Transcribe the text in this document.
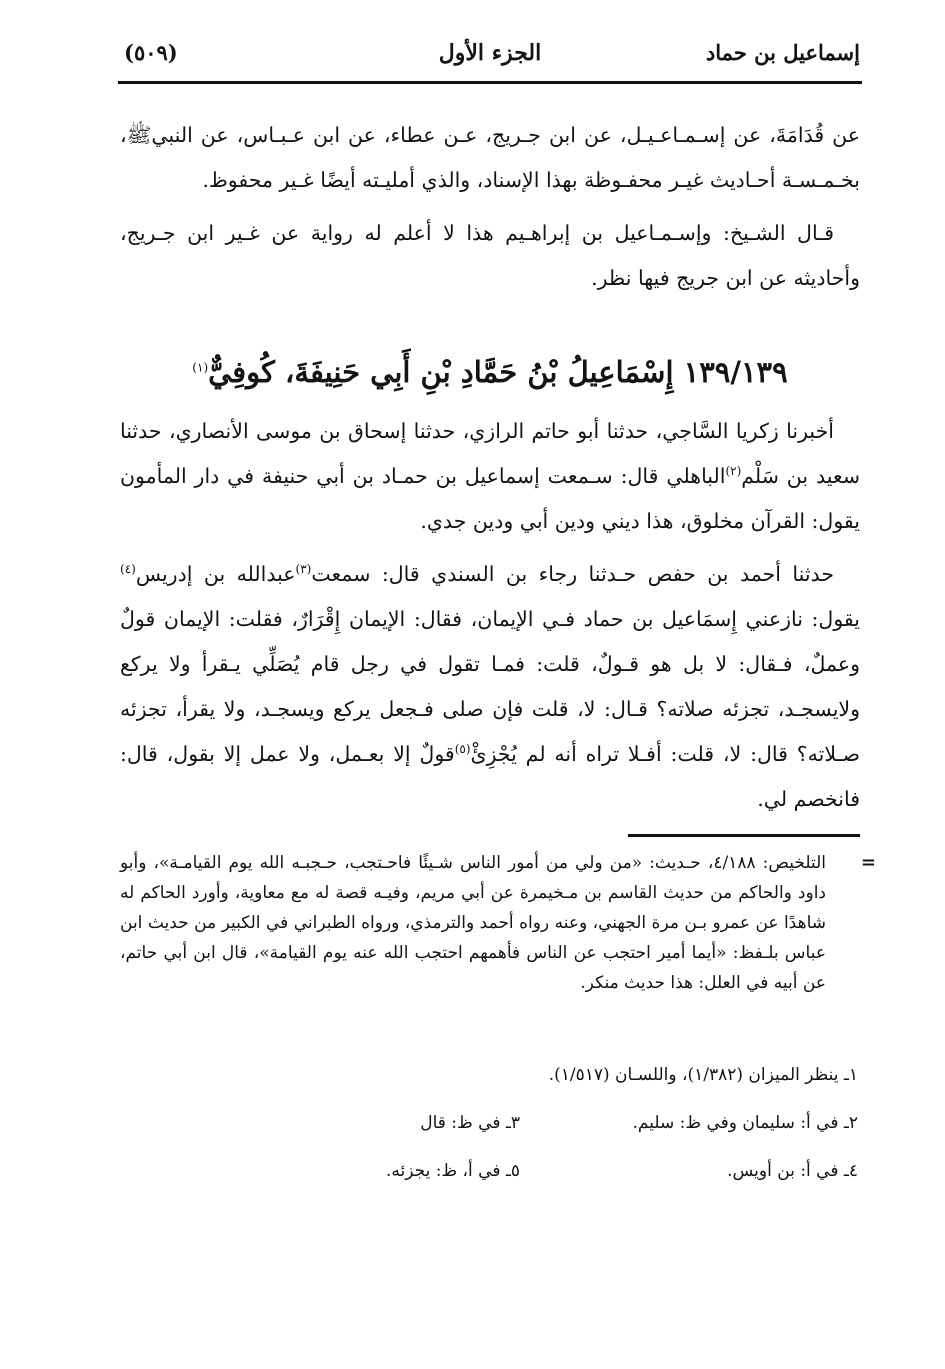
إسماعيل بن حماد
الجزء الأول
(٥٠٩)

عن قُدَامَةَ، عن إسـمـاعـيـل، عن ابن جـريج، عـن عطاء، عن ابن عـبـاس، عن النبيﷺ، بخـمـسـة أحـاديث غيـر محفـوظة بهذا الإسناد، والذي أمليـته أيضًا غـير محفوظ.

قـال الشـيخ: وإسـمـاعيل بن إبراهـيم هذا لا أعلم له رواية عن غـير ابن جـريج، وأحاديثه عن ابن جريج فيها نظر.

١٣٩/١٣٩ إِسْمَاعِيلُ بْنُ حَمَّادِ بْنِ أَبِي حَنِيفَةَ، كُوفِيٌّ$^{(١)}$

أخبرنا زكريا السَّاجي، حدثنا أبو حاتم الرازي، حدثنا إسحاق بن موسى الأنصاري، حدثنا سعيد بن سَلْم$^{(٢)}$الباهلي قال: سـمعت إسماعيل بن حمـاد بن أبي حنيفة في دار المأمون يقول: القرآن مخلوق، هذا ديني ودين أبي ودين جدي.

حدثنا أحمد بن حفص حـدثنا رجاء بن السندي قال: سمعت$^{(٣)}$عبدالله بن إدريس$^{(٤)}$ يقول: نازعني إِسمَاعيل بن حماد فـي الإيمان، فقال: الإيمان إِقْرَارٌ، فقلت: الإيمان قولٌ وعملٌ، فـقال: لا بل هو قـولٌ، قلت: فمـا تقول في رجل قام يُصَلِّي يـقرأ ولا يركع ولايسجـد، تجزئه صلاته؟ قـال: لا، قلت فإن صلى فـجعل يركع ويسجـد، ولا يقرأ، تجزئه صـلاته؟ قال: لا، قلت: أفـلا تراه أنه لم يُجْزِئْ$^{(٥)}$قولٌ إلا بعـمل، ولا عمل إلا بقول، قال: فانخصم لي.

=
التلخيص: ٤/١٨٨، حـديث: «من ولي من أمور الناس شـيئًا فاحـتجب، حـجبـه الله يوم القيامـة»، وأبو داود والحاكم من حديث القاسم بن مـخيمرة عن أبي مريم، وفيـه قصة له مع معاوية، وأورد الحاكم له شاهدًا عن عمرو بـن مرة الجهني، وعنه رواه أحمد والترمذي، ورواه الطبراني في الكبير من حديث ابن عباس بلـفظ: «أيما أمير احتجب عن الناس فأهمهم احتجب الله عنه يوم القيامة»، قال ابن أبي حاتم، عن أبيه في العلل: هذا حديث منكر.
١ـ ينظر الميزان (١/٣٨٢)، واللسـان (١/٥١٧).
٢ـ في أ: سليمان وفي ظ: سليم.
٣ـ في ظ: قال
٤ـ في أ: بن أويس.
٥ـ في أ، ظ: يجزئه.
